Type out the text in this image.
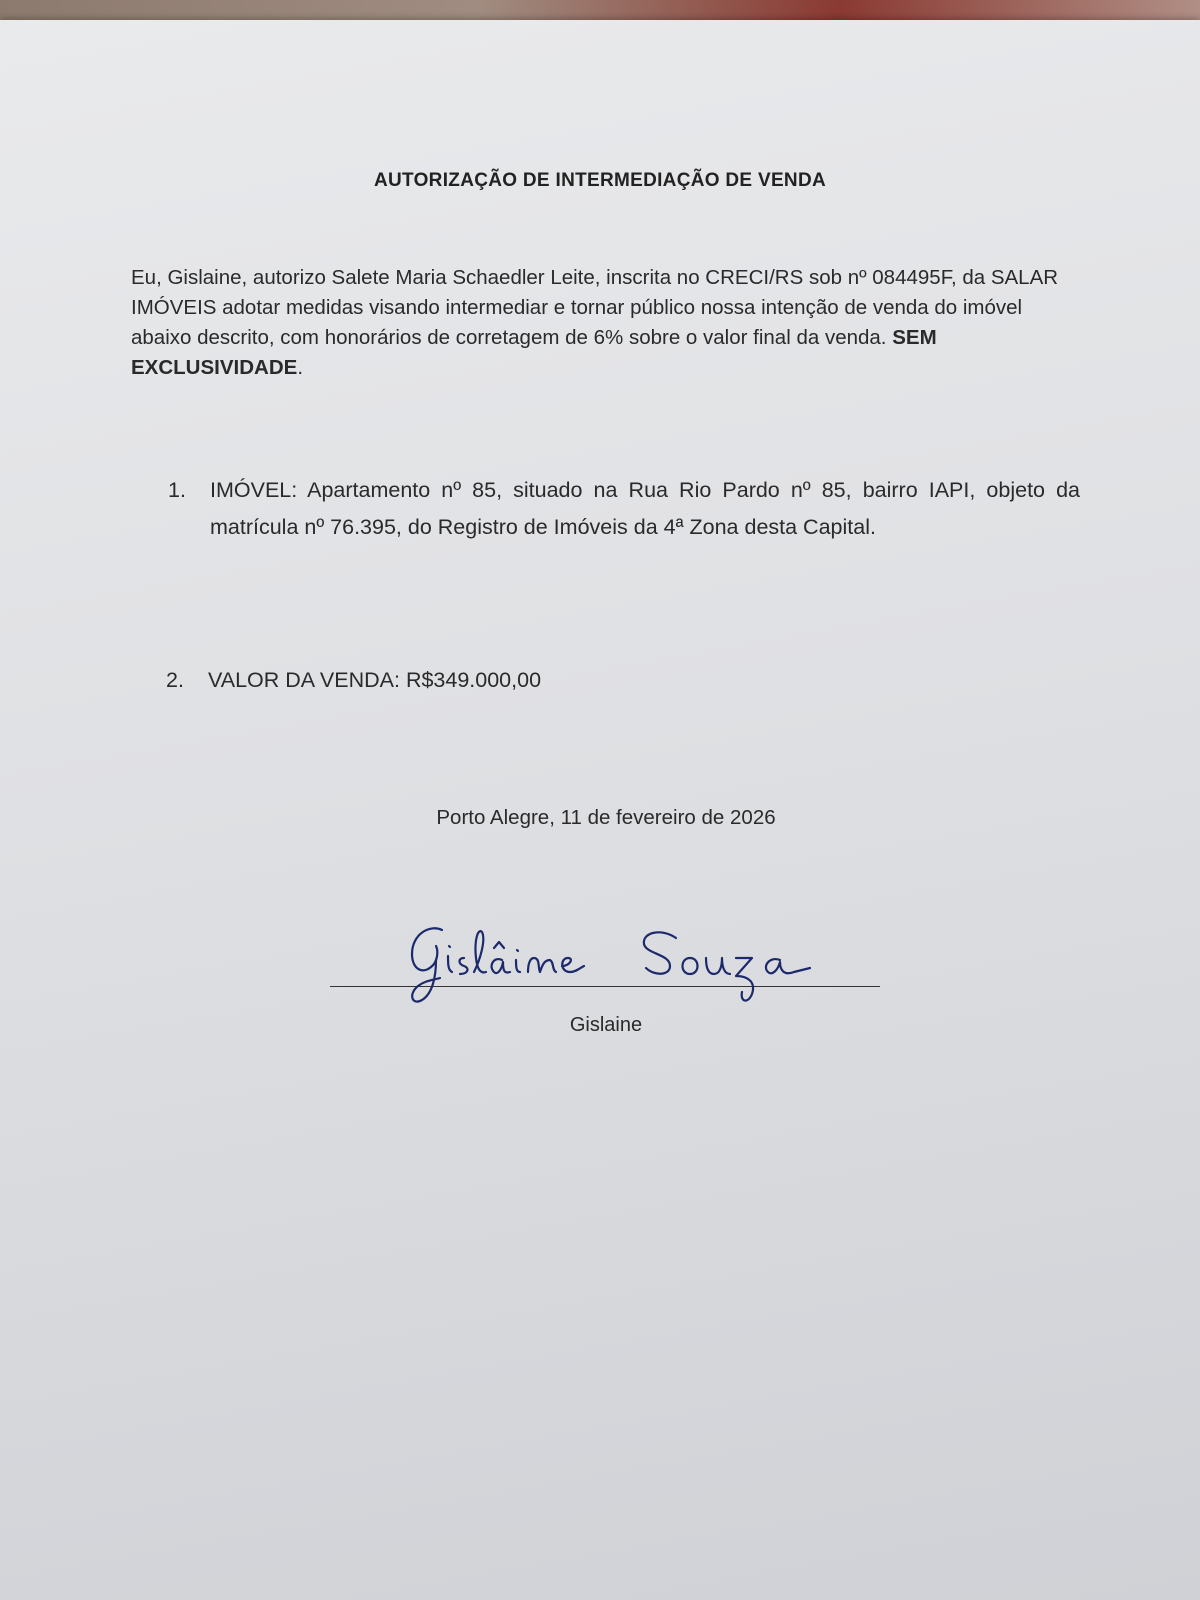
AUTORIZAÇÃO DE INTERMEDIAÇÃO DE VENDA

Eu, Gislaine, autorizo Salete Maria Schaedler Leite, inscrita no CRECI/RS sob nº 084495F, da SALAR IMÓVEIS adotar medidas visando intermediar e tornar público nossa intenção de venda do imóvel abaixo descrito, com honorários de corretagem de 6% sobre o valor final da venda. SEM EXCLUSIVIDADE.

1. IMÓVEL: Apartamento nº 85, situado na Rua Rio Pardo nº 85, bairro IAPI, objeto da matrícula nº 76.395, do Registro de Imóveis da 4ª Zona desta Capital.
2. VALOR DA VENDA: R$349.000,00
Porto Alegre, 11 de fevereiro de 2026
Gislaine
